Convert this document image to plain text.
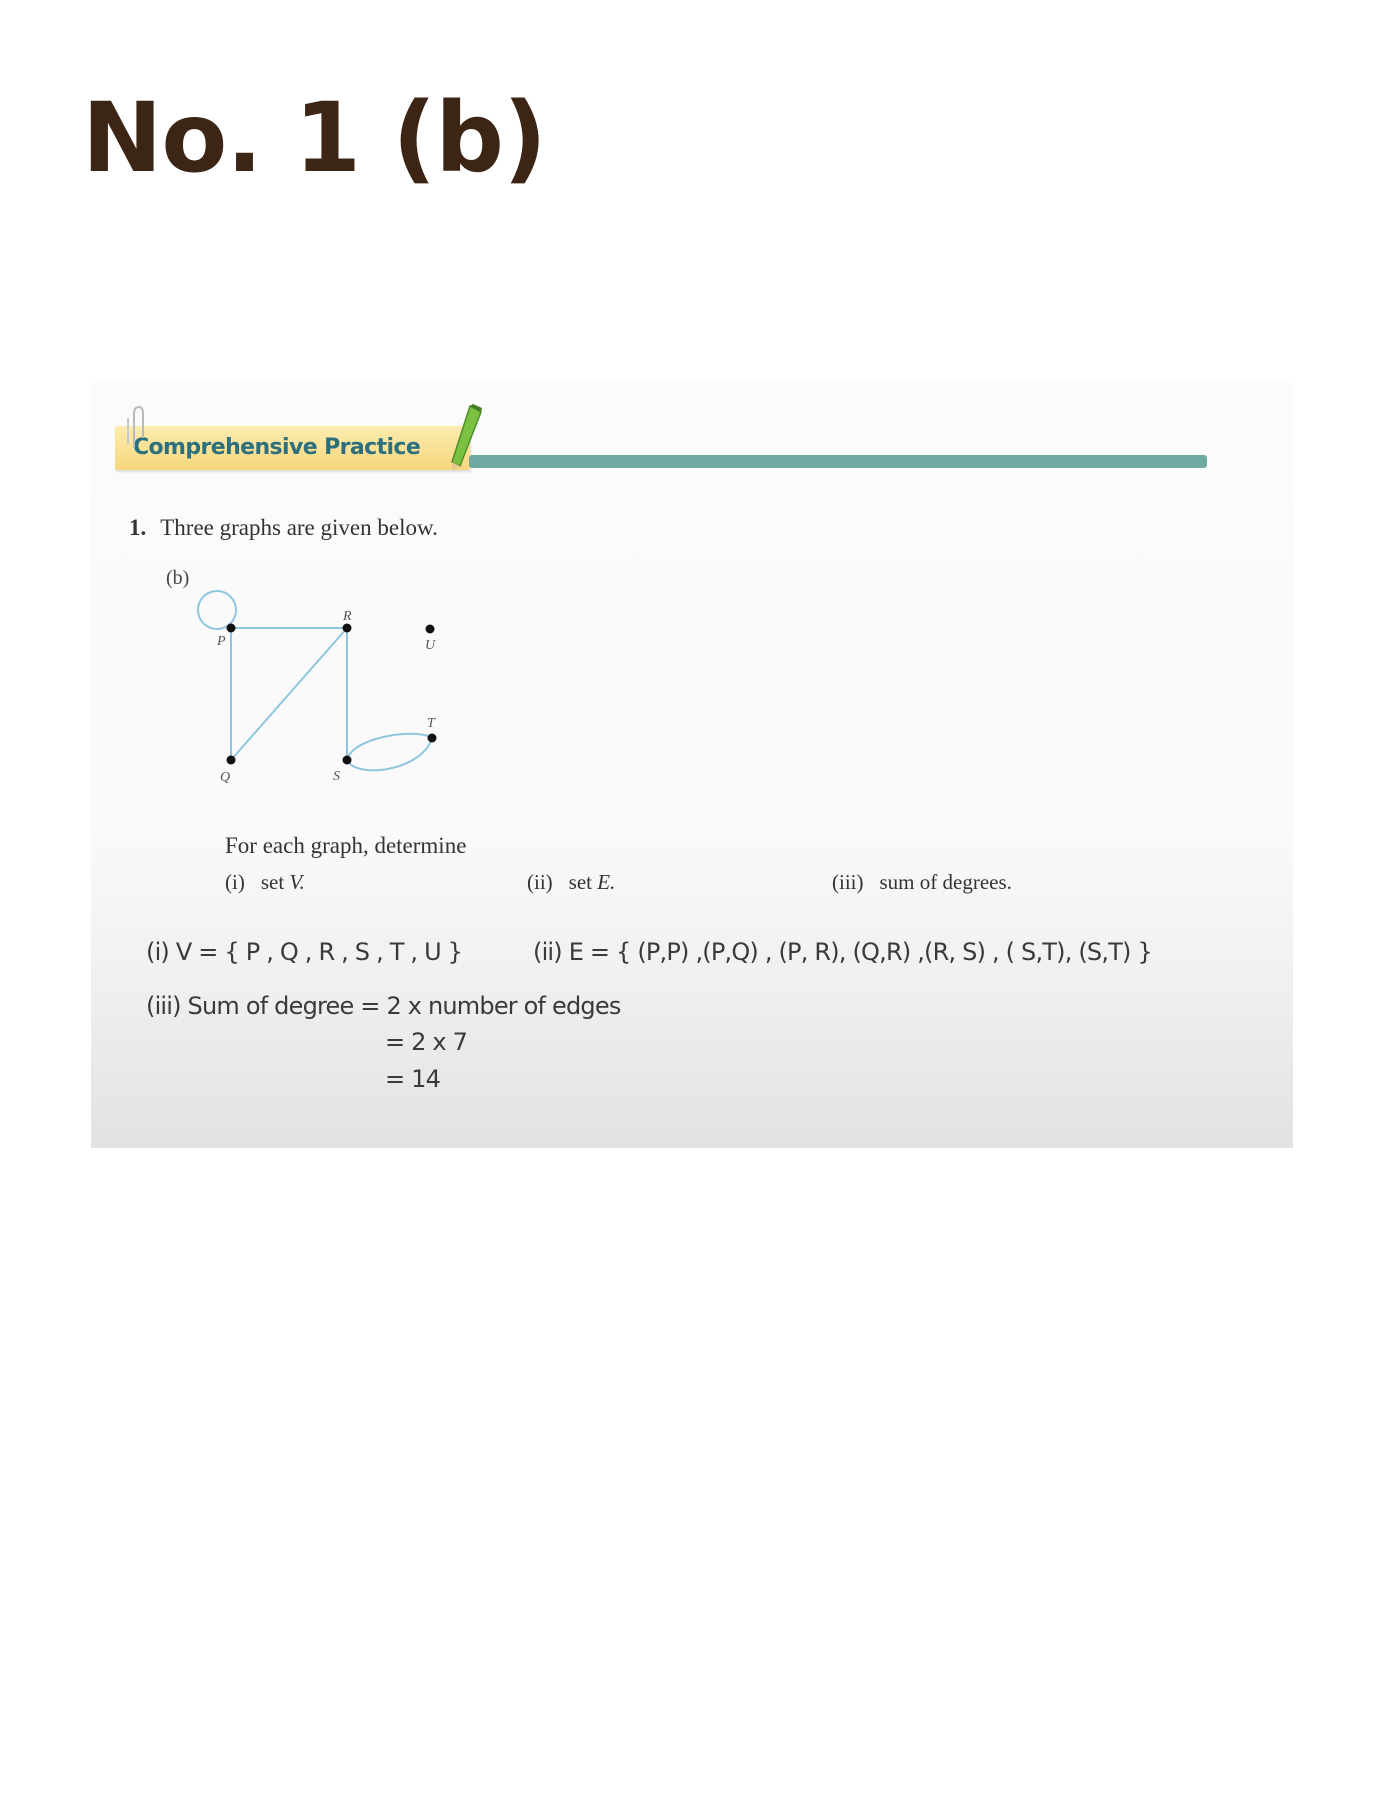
No. 1 (b)
Comprehensive Practice
1. Three graphs are given below.
(b)
P
Q
R
S
T
U
For each graph, determine
(i) set V.	(ii) set E.	(iii) sum of degrees.
(i) V = { P , Q , R , S , T , U }	(ii) E = { (P,P) ,(P,Q) , (P, R), (Q,R) ,(R, S) , ( S,T), (S,T) }
(iii) Sum of degree = 2 x number of edges
= 2 x 7
= 14
